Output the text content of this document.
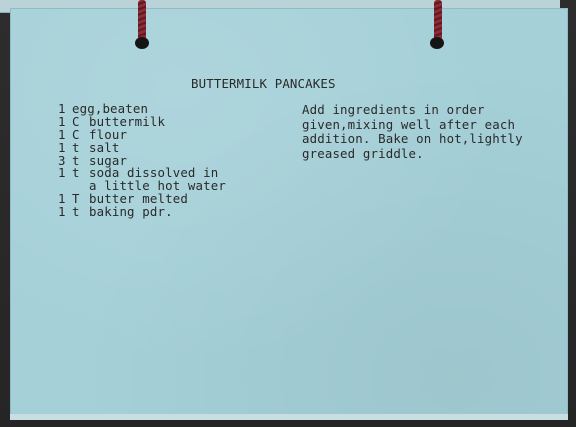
BUTTERMILK PANCAKES
1 egg,beaten
1 C buttermilk
1 C flour
1 t salt
3 t sugar
1 t soda dissolved in
a little hot water
1 T butter melted
1 t baking pdr.
Add ingredients in order
given,mixing well after each
addition. Bake on hot,lightly
greased griddle.
